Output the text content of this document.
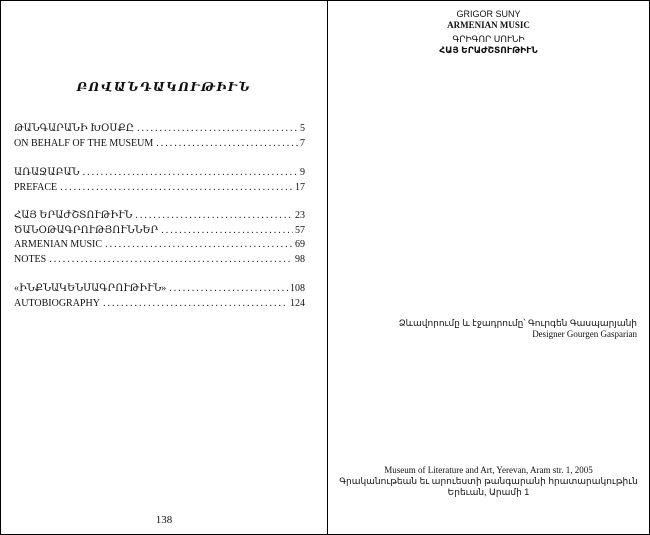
ԲՈՎԱՆԴԱԿՈՒԹԻՒՆ
ԹԱՆԳԱՐԱՆԻ ԽՕՍՔԸ .....	5
ON BEHALF OF THE MUSEUM .....	7
ԱՌԱՋԱԲԱՆ .....	9
PREFACE .....	17
ՀԱՅ ԵՐԱԺՇՏՈՒԹԻՒՆ .....	23
ԾԱՆՕԹԱԳՐՈՒԹՅՈՒՆՆԵՐ .....	57
ARMENIAN MUSIC .....	69
NOTES .....	98
«ԻՆՔՆԱԿԵՆՍԱԳՐՈՒԹԻՒՆ» .....	108
AUTOBIOGRAPHY .....	124
138
GRIGOR SUNY
ARMENIAN MUSIC
ԳՐԻԳՈՐ ՍՈՒՆԻ
ՀԱՅ ԵՐԱԺՇՏՈՒԹԻՒՆ
Ձևավորումը և էջադրումը՝ Գուրգեն Գասպարյանի
Designer Gourgen Gasparian
Museum of Literature and Art, Yerevan, Aram str. 1, 2005
Գրականութեան եւ արուեստի թանգարանի հրատարակութիւն
Երեւան, Արամի 1
